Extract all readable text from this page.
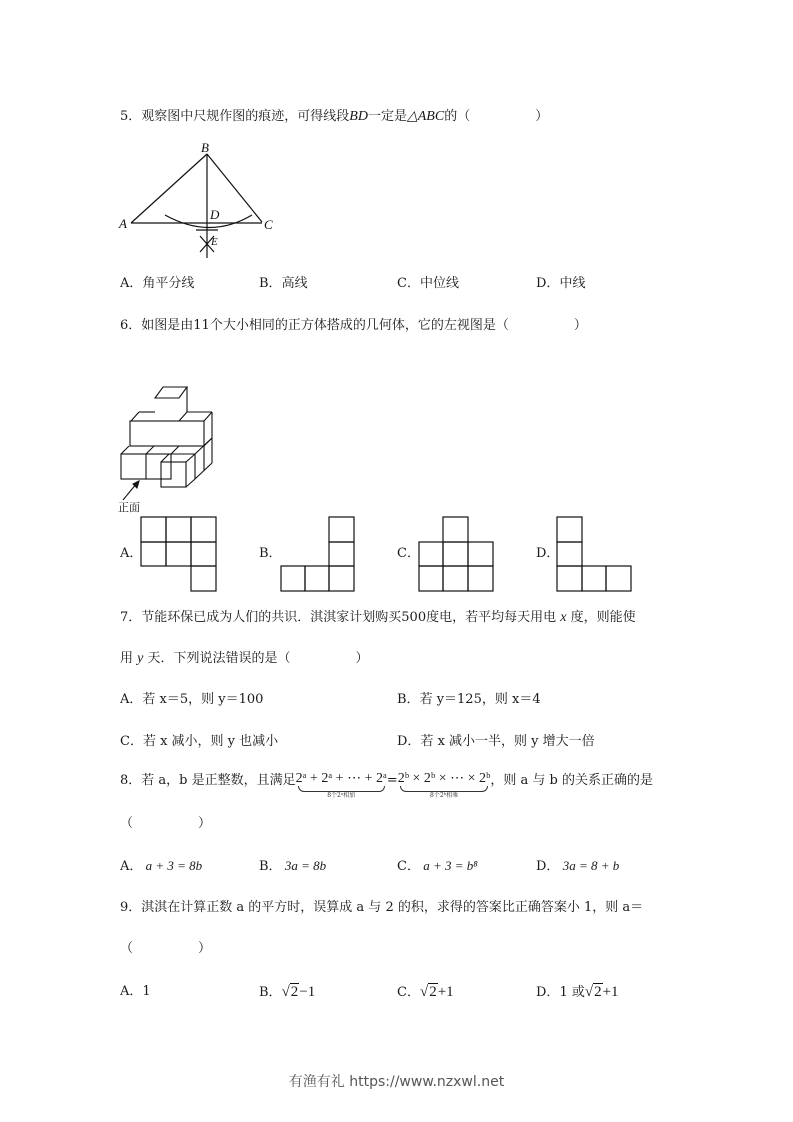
5．观察图中尺规作图的痕迹，可得线段BD一定是△ABC的（　　　　　）
B
A	C
D
E
A．角平分线	B．高线	C．中位线	D．中线
6．如图是由11个大小相同的正方体搭成的几何体，它的左视图是（　　　　　）
正面
A．	B．	C．	D．
7．节能环保已成为人们的共识．淇淇家计划购买500度电，若平均每天用电 x 度，则能使
用 y 天．下列说法错误的是（　　　　　）
A．若 x＝5，则 y＝100	B．若 y＝125，则 x＝4
C．若 x 减小，则 y 也减小	D．若 x 减小一半，则 y 增大一倍
8．若 a，b 是正整数，且满足2ᵃ + 2ᵃ + ⋯ + 2ᵃ
8个2ᵃ相加
=2ᵇ × 2ᵇ × ⋯ × 2ᵇ
8个2ᵇ相乘
，则 a 与 b 的关系正确的是
（　　　　　）
A． a + 3 = 8b	B． 3a = 8b	C． a + 3 = b⁸	D． 3a = 8 + b
9．淇淇在计算正数 a 的平方时，误算成 a 与 2 的积，求得的答案比正确答案小 1，则 a＝
（　　　　　）
A．1	B．√2−1	C．√2+1	D．1 或√2+1
有渔有礼 https://www.nzxwl.net
